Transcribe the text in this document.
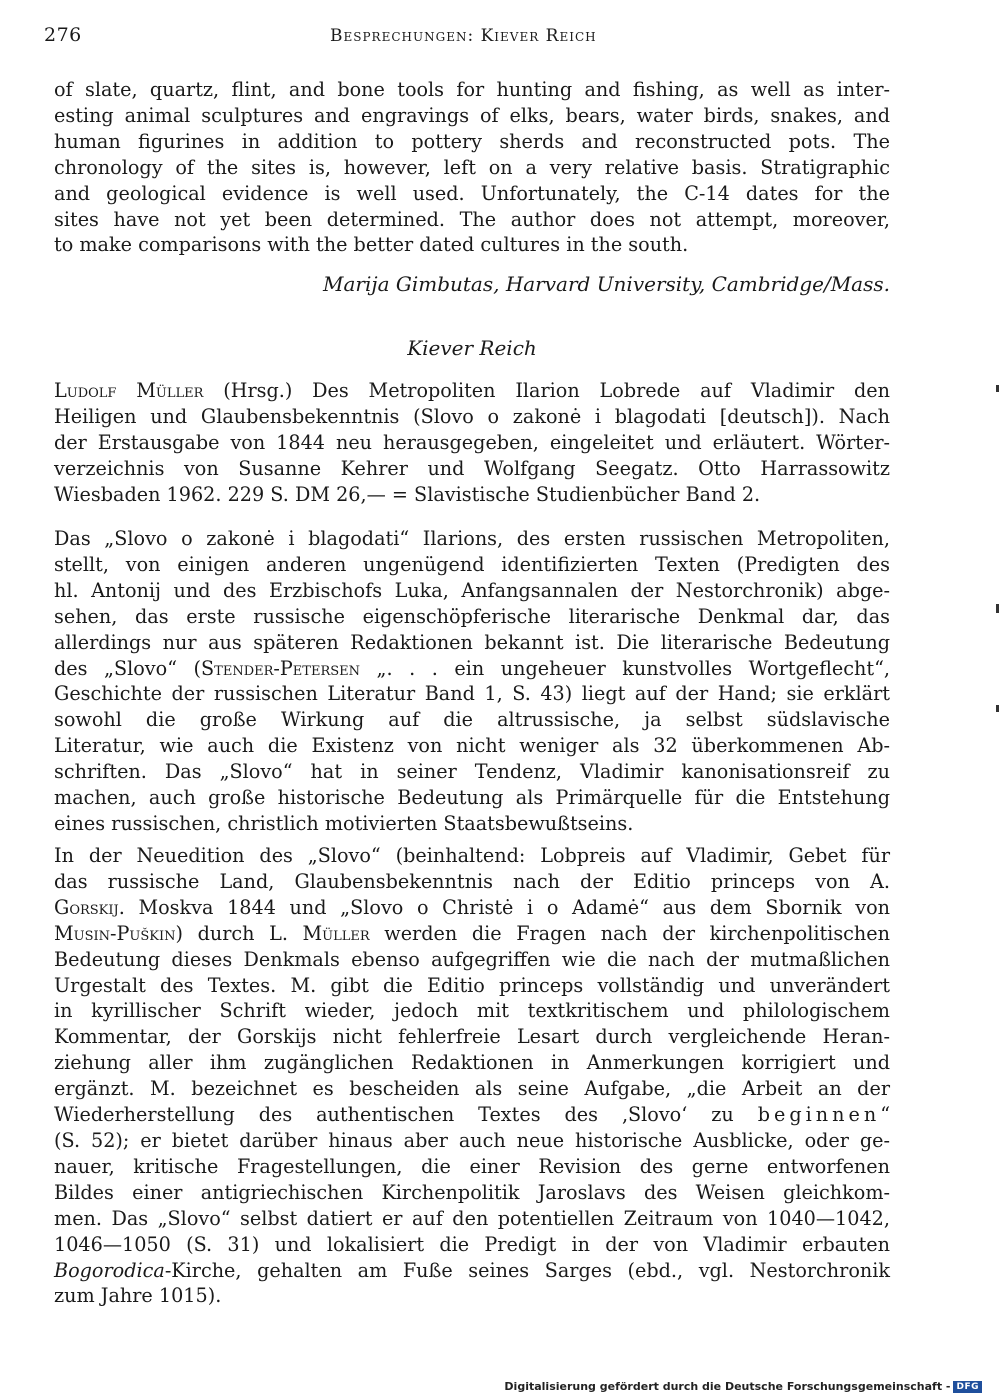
276	Besprechungen: Kiever Reich
of slate, quartz, flint, and bone tools for hunting and fishing, as well as inter-
esting animal sculptures and engravings of elks, bears, water birds, snakes, and
human figurines in addition to pottery sherds and reconstructed pots. The
chronology of the sites is, however, left on a very relative basis. Stratigraphic
and geological evidence is well used. Unfortunately, the C-14 dates for the
sites have not yet been determined. The author does not attempt, moreover,
to make comparisons with the better dated cultures in the south.
Marija Gimbutas, Harvard University, Cambridge/Mass.
Kiever Reich
Ludolf Müller (Hrsg.) Des Metropoliten Ilarion Lobrede auf Vladimir den
Heiligen und Glaubensbekenntnis (Slovo o zakonė i blagodati [deutsch]). Nach
der Erstausgabe von 1844 neu herausgegeben, eingeleitet und erläutert. Wörter-
verzeichnis von Susanne Kehrer und Wolfgang Seegatz. Otto Harrassowitz
Wiesbaden 1962. 229 S. DM 26,— = Slavistische Studienbücher Band 2.
Das „Slovo o zakonė i blagodati“ Ilarions, des ersten russischen Metropoliten,
stellt, von einigen anderen ungenügend identifizierten Texten (Predigten des
hl. Antonij und des Erzbischofs Luka, Anfangsannalen der Nestorchronik) abge-
sehen, das erste russische eigenschöpferische literarische Denkmal dar, das
allerdings nur aus späteren Redaktionen bekannt ist. Die literarische Bedeutung
des „Slovo“ (Stender-Petersen „. . . ein ungeheuer kunstvolles Wortgeflecht“,
Geschichte der russischen Literatur Band 1, S. 43) liegt auf der Hand; sie erklärt
sowohl die große Wirkung auf die altrussische, ja selbst südslavische
Literatur, wie auch die Existenz von nicht weniger als 32 überkommenen Ab-
schriften. Das „Slovo“ hat in seiner Tendenz, Vladimir kanonisationsreif zu
machen, auch große historische Bedeutung als Primärquelle für die Entstehung
eines russischen, christlich motivierten Staatsbewußtseins.
In der Neuedition des „Slovo“ (beinhaltend: Lobpreis auf Vladimir, Gebet für
das russische Land, Glaubensbekenntnis nach der Editio princeps von A.
Gorskij. Moskva 1844 und „Slovo o Christė i o Adamė“ aus dem Sbornik von
Musin-Puškin) durch L. Müller werden die Fragen nach der kirchenpolitischen
Bedeutung dieses Denkmals ebenso aufgegriffen wie die nach der mutmaßlichen
Urgestalt des Textes. M. gibt die Editio princeps vollständig und unverändert
in kyrillischer Schrift wieder, jedoch mit textkritischem und philologischem
Kommentar, der Gorskijs nicht fehlerfreie Lesart durch vergleichende Heran-
ziehung aller ihm zugänglichen Redaktionen in Anmerkungen korrigiert und
ergänzt. M. bezeichnet es bescheiden als seine Aufgabe, „die Arbeit an der
Wiederherstellung des authentischen Textes des ‚Slovo‘ zu beginnen“
(S. 52); er bietet darüber hinaus aber auch neue historische Ausblicke, oder ge-
nauer, kritische Fragestellungen, die einer Revision des gerne entworfenen
Bildes einer antigriechischen Kirchenpolitik Jaroslavs des Weisen gleichkom-
men. Das „Slovo“ selbst datiert er auf den potentiellen Zeitraum von 1040—1042,
1046—1050 (S. 31) und lokalisiert die Predigt in der von Vladimir erbauten
Bogorodica-Kirche, gehalten am Fuße seines Sarges (ebd., vgl. Nestorchronik
zum Jahre 1015).
Digitalisierung gefördert durch die Deutsche Forschungsgemeinschaft - DFG
